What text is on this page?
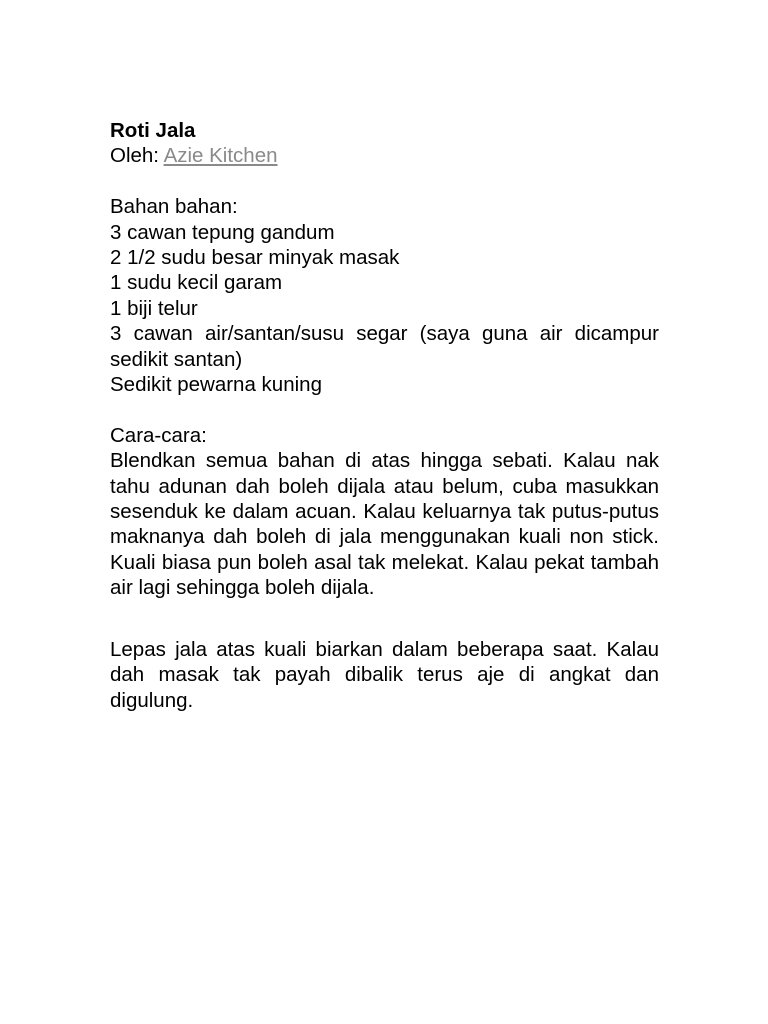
Roti Jala

Oleh: Azie Kitchen

Bahan bahan:

3 cawan tepung gandum

2 1/2 sudu besar minyak masak

1 sudu kecil garam

1 biji telur

3 cawan air/santan/susu segar (saya guna air dicampur sedikit santan)

Sedikit pewarna kuning

Cara-cara:

Blendkan semua bahan di atas hingga sebati. Kalau nak tahu adunan dah boleh dijala atau belum, cuba masukkan sesenduk ke dalam acuan. Kalau keluarnya tak putus-putus maknanya dah boleh di jala menggunakan kuali non stick. Kuali biasa pun boleh asal tak melekat. Kalau pekat tambah air lagi sehingga boleh dijala.

Lepas jala atas kuali biarkan dalam beberapa saat. Kalau dah masak tak payah dibalik terus aje di angkat dan digulung.
